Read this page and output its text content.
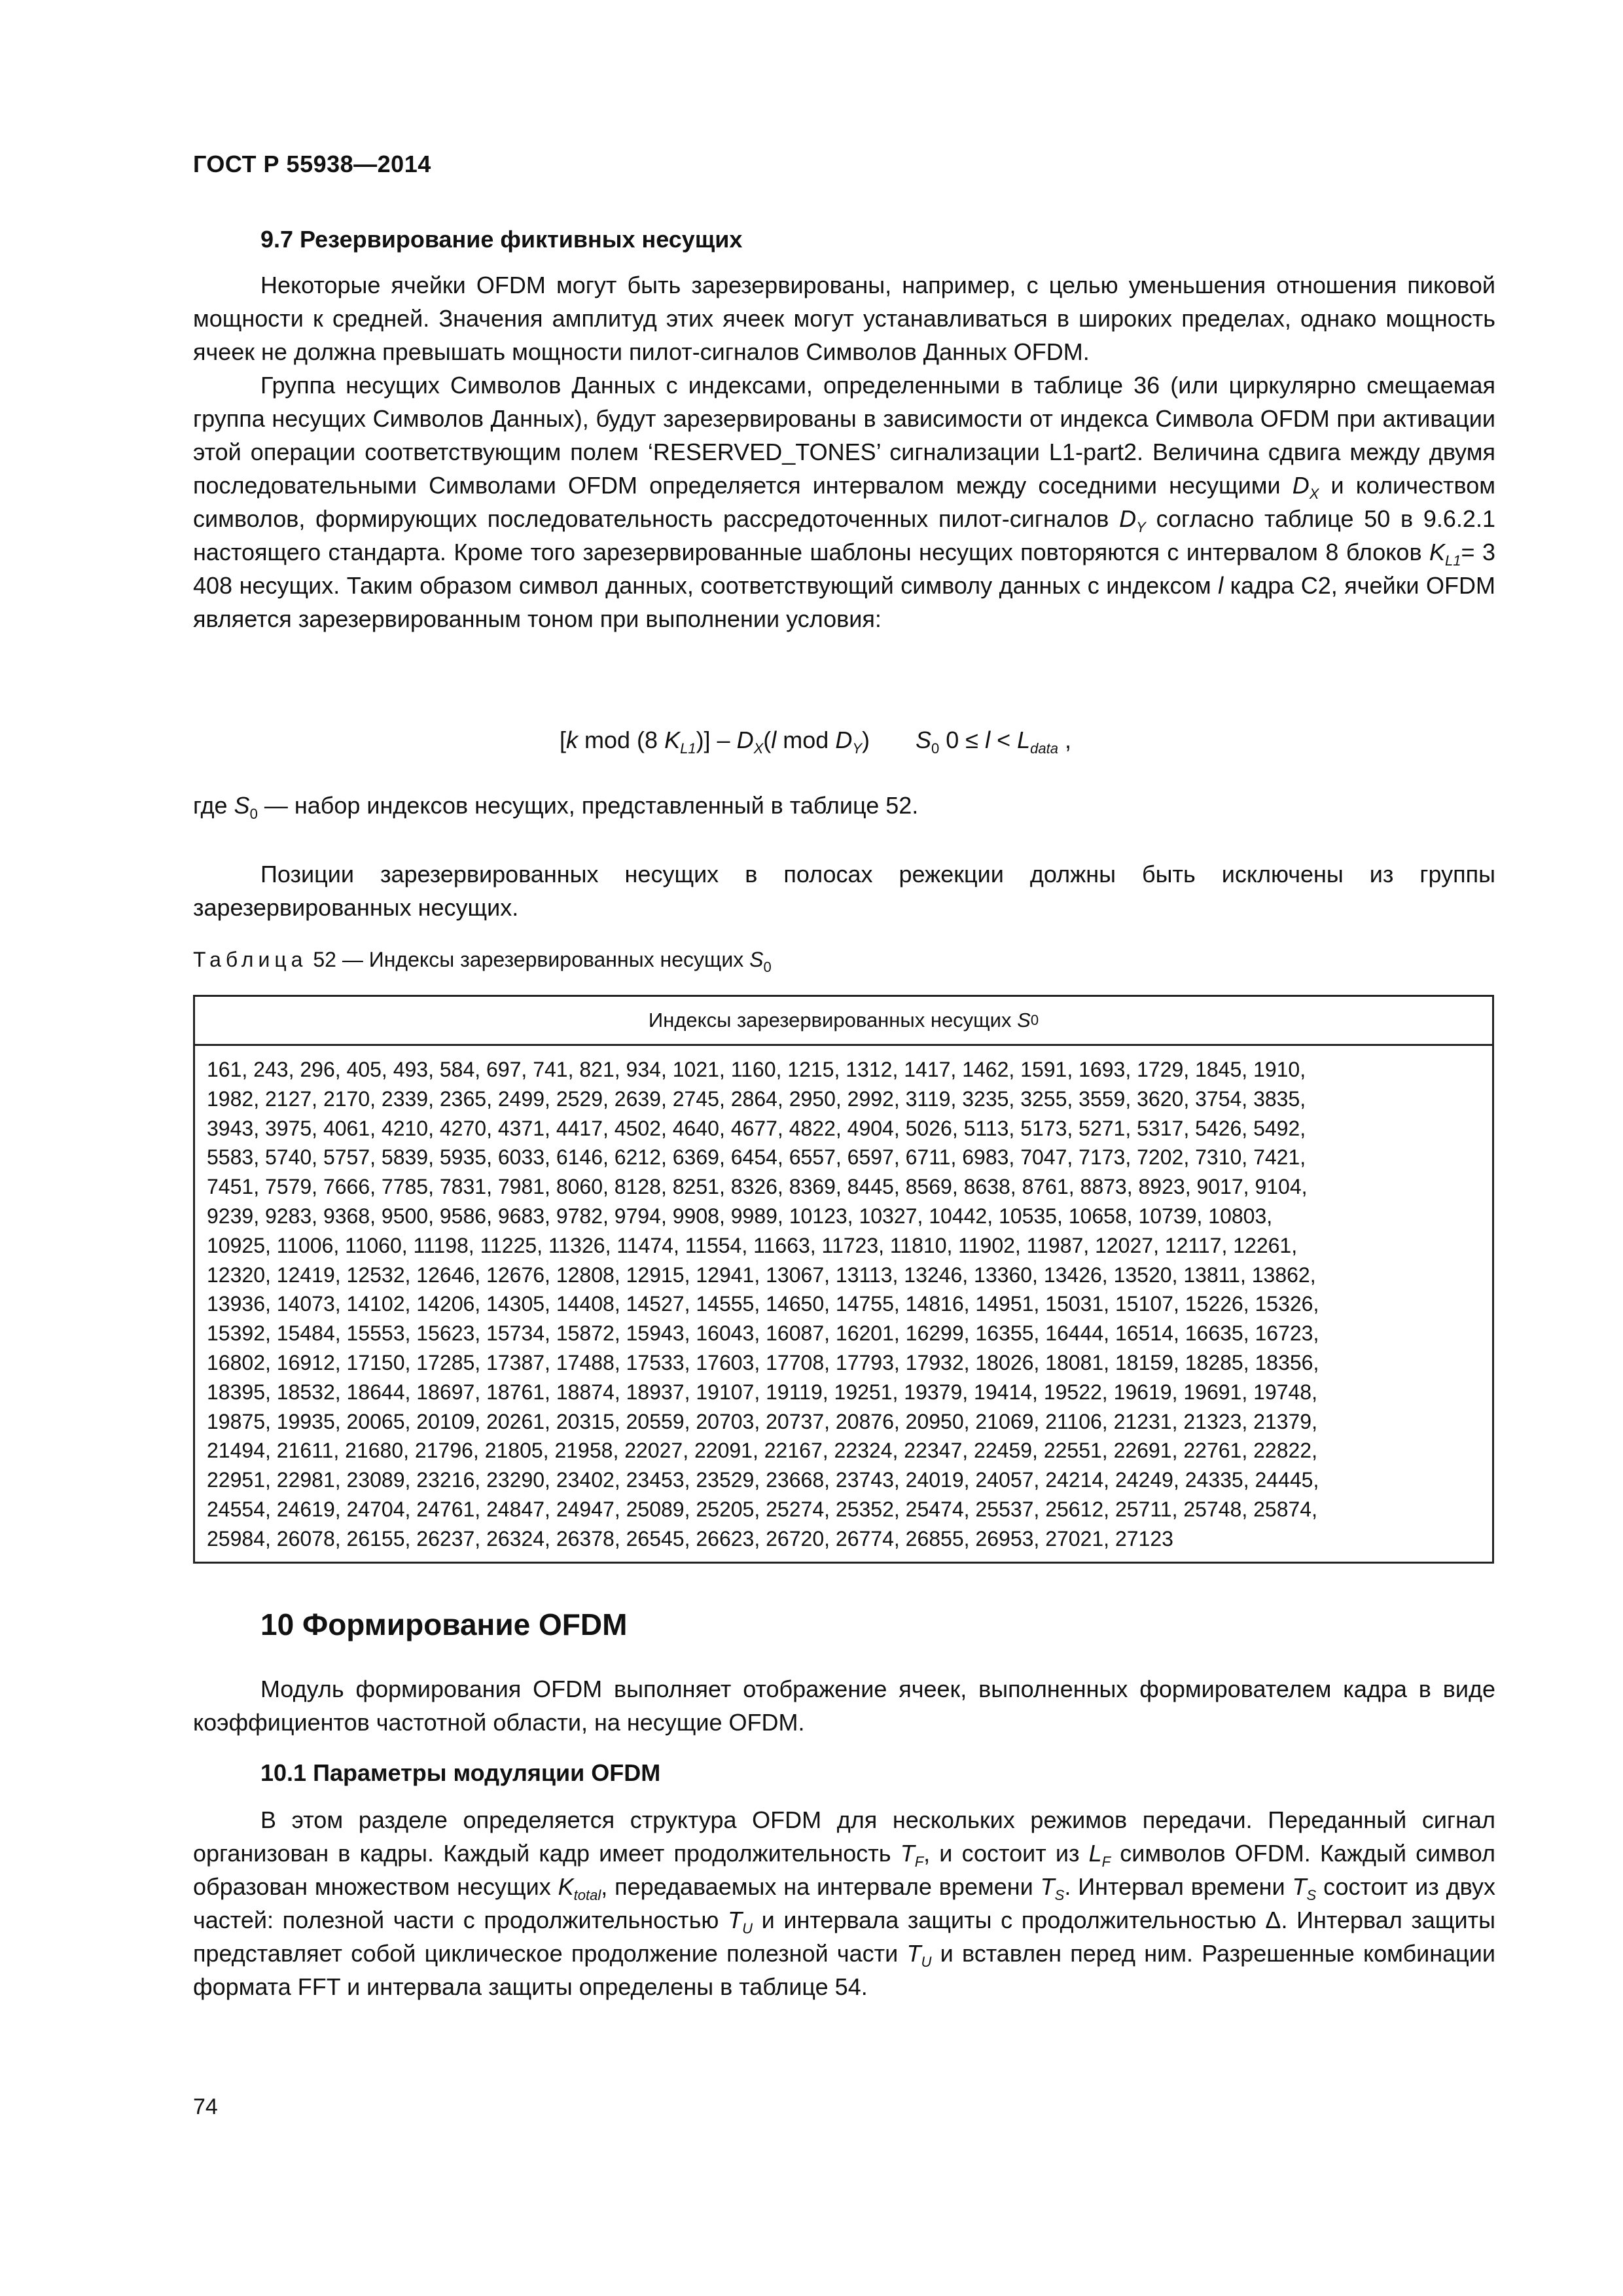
ГОСТ Р 55938—2014
9.7 Резервирование фиктивных несущих

Некоторые ячейки OFDM могут быть зарезервированы, например, с целью уменьшения отношения пиковой мощности к средней. Значения амплитуд этих ячеек могут устанавливаться в широких пределах, однако мощность ячеек не должна превышать мощности пилот-сигналов Символов Данных OFDM.

Группа несущих Символов Данных с индексами, определенными в таблице 36 (или циркулярно смещаемая группа несущих Символов Данных), будут зарезервированы в зависимости от индекса Символа OFDM при активации этой операции соответствующим полем ‘RESERVED_TONES’ сигнализации L1-part2. Величина сдвига между двумя последовательными Символами OFDM определяется интервалом между соседними несущими $D_X$ и количеством символов, формирующих последовательность рассредоточенных пилот-сигналов $D_Y$ согласно таблице 50 в 9.6.2.1 настоящего стандарта. Кроме того зарезервированные шаблоны несущих повторяются с интервалом 8 блоков $K_{L1}= 3$ 408 несущих. Таким образом символ данных, соответствующий символу данных с индексом l кадра C2, ячейки OFDM является зарезервированным тоном при выполнении условия:

[k mod (8 $K_{L1})] - D_X(l$ mod $D_Y$) $S_0$ $0 \le l < L_{data}$ ,

где $S_0$ — набор индексов несущих, представленный в таблице 52.

Позиции зарезервированных несущих в полосах режекции должны быть исключены из группы зарезервированных несущих.

Таблица 52 — Индексы зарезервированных несущих $S_0$
Индексы зарезервированных несущих
S 0
161, 243, 296, 405, 493, 584, 697, 741, 821, 934, 1021, 1160, 1215, 1312, 1417, 1462, 1591, 1693, 1729, 1845, 1910,
1982, 2127, 2170, 2339, 2365, 2499, 2529, 2639, 2745, 2864, 2950, 2992, 3119, 3235, 3255, 3559, 3620, 3754, 3835,
3943, 3975, 4061, 4210, 4270, 4371, 4417, 4502, 4640, 4677, 4822, 4904, 5026, 5113, 5173, 5271, 5317, 5426, 5492,
5583, 5740, 5757, 5839, 5935, 6033, 6146, 6212, 6369, 6454, 6557, 6597, 6711, 6983, 7047, 7173, 7202, 7310, 7421,
7451, 7579, 7666, 7785, 7831, 7981, 8060, 8128, 8251, 8326, 8369, 8445, 8569, 8638, 8761, 8873, 8923, 9017, 9104,
9239, 9283, 9368, 9500, 9586, 9683, 9782, 9794, 9908, 9989, 10123, 10327, 10442, 10535, 10658, 10739, 10803,
10925, 11006, 11060, 11198, 11225, 11326, 11474, 11554, 11663, 11723, 11810, 11902, 11987, 12027, 12117, 12261,
12320, 12419, 12532, 12646, 12676, 12808, 12915, 12941, 13067, 13113, 13246, 13360, 13426, 13520, 13811, 13862,
13936, 14073, 14102, 14206, 14305, 14408, 14527, 14555, 14650, 14755, 14816, 14951, 15031, 15107, 15226, 15326,
15392, 15484, 15553, 15623, 15734, 15872, 15943, 16043, 16087, 16201, 16299, 16355, 16444, 16514, 16635, 16723,
16802, 16912, 17150, 17285, 17387, 17488, 17533, 17603, 17708, 17793, 17932, 18026, 18081, 18159, 18285, 18356,
18395, 18532, 18644, 18697, 18761, 18874, 18937, 19107, 19119, 19251, 19379, 19414, 19522, 19619, 19691, 19748,
19875, 19935, 20065, 20109, 20261, 20315, 20559, 20703, 20737, 20876, 20950, 21069, 21106, 21231, 21323, 21379,
21494, 21611, 21680, 21796, 21805, 21958, 22027, 22091, 22167, 22324, 22347, 22459, 22551, 22691, 22761, 22822,
22951, 22981, 23089, 23216, 23290, 23402, 23453, 23529, 23668, 23743, 24019, 24057, 24214, 24249, 24335, 24445,
24554, 24619, 24704, 24761, 24847, 24947, 25089, 25205, 25274, 25352, 25474, 25537, 25612, 25711, 25748, 25874,
25984, 26078, 26155, 26237, 26324, 26378, 26545, 26623, 26720, 26774, 26855, 26953, 27021, 27123
10 Формирование OFDM

Модуль формирования OFDM выполняет отображение ячеек, выполненных формирователем кадра в виде коэффициентов частотной области, на несущие OFDM.

10.1 Параметры модуляции OFDM

В этом разделе определяется структура OFDM для нескольких режимов передачи. Переданный сигнал организован в кадры. Каждый кадр имеет продолжительность $T_F$, и состоит из $L_F$ символов OFDM. Каждый символ образован множеством несущих $K_{total}$, передаваемых на интервале времени $T_S$. Интервал времени $T_S$ состоит из двух частей: полезной части с продолжительностью $T_U$ и интервала защиты с продолжительностью Δ. Интервал защиты представляет собой циклическое продолжение полезной части $T_U$ и вставлен перед ним. Разрешенные комбинации формата FFT и интервала защиты определены в таблице 54.

74
